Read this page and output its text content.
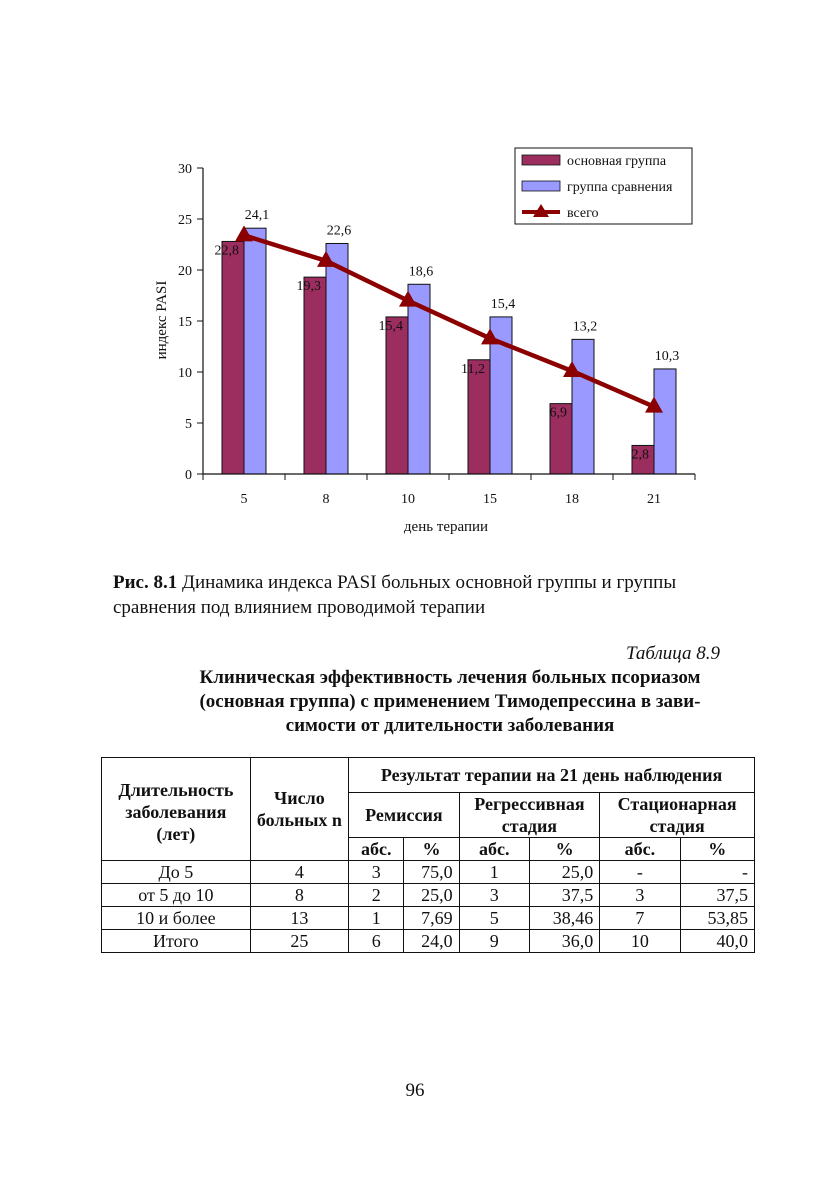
0
5
10
15
20
25
30
5	8	10	15	18	21
22,8
19,3
15,4
11,2
6,9
2,8
24,1
22,6
18,6
15,4
13,2
10,3
индекс PASI
день терапии
основная группа
группа сравнения
всего
Рис. 8.1 Динамика индекса PASI больных основной группы и группы сравнения под влиянием проводимой терапии
Таблица 8.9
Клиническая эффективность лечения больных псориазом (основная группа) с применением Тимодепрессина в зави-симости от длительности заболевания
Длительность заболевания (лет)	Число больных n	Результат терапии на 21 день наблюдения					
		Ремиссия		Регрессивная стадия		Стационарная стадия	
		абс.	%	абс.	%	абс.	%
До 5	4	3	75,0	1	25,0	-	-
от 5 до 10	8	2	25,0	3	37,5	3	37,5
10 и более	13	1	7,69	5	38,46	7	53,85
Итого	25	6	24,0	9	36,0	10	40,0
96
